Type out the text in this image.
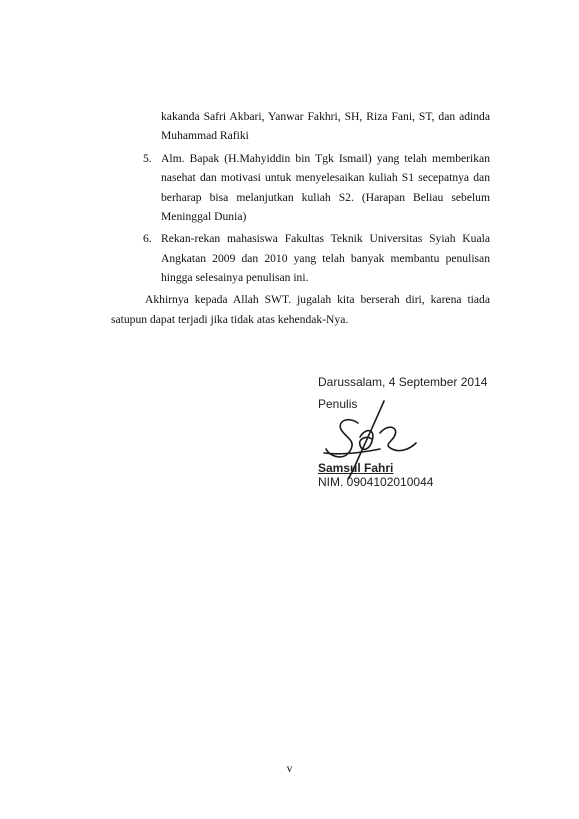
kakanda Safri Akbari, Yanwar Fakhri, SH, Riza Fani, ST, dan adinda
Muhammad Rafiki
5. Alm. Bapak (H.Mahyiddin bin Tgk Ismail) yang telah memberikan
nasehat dan motivasi untuk menyelesaikan kuliah S1 secepatnya dan
berharap bisa melanjutkan kuliah S2. (Harapan Beliau sebelum
Meninggal Dunia)
6. Rekan-rekan mahasiswa Fakultas Teknik Universitas Syiah Kuala
Angkatan 2009 dan 2010 yang telah banyak membantu penulisan
hingga selesainya penulisan ini.
Akhirnya kepada Allah SWT. jugalah kita berserah diri, karena tiada
satupun dapat terjadi jika tidak atas kehendak-Nya.
Darussalam, 4 September 2014
Penulis
Samsul Fahri
NIM. 0904102010044
v
